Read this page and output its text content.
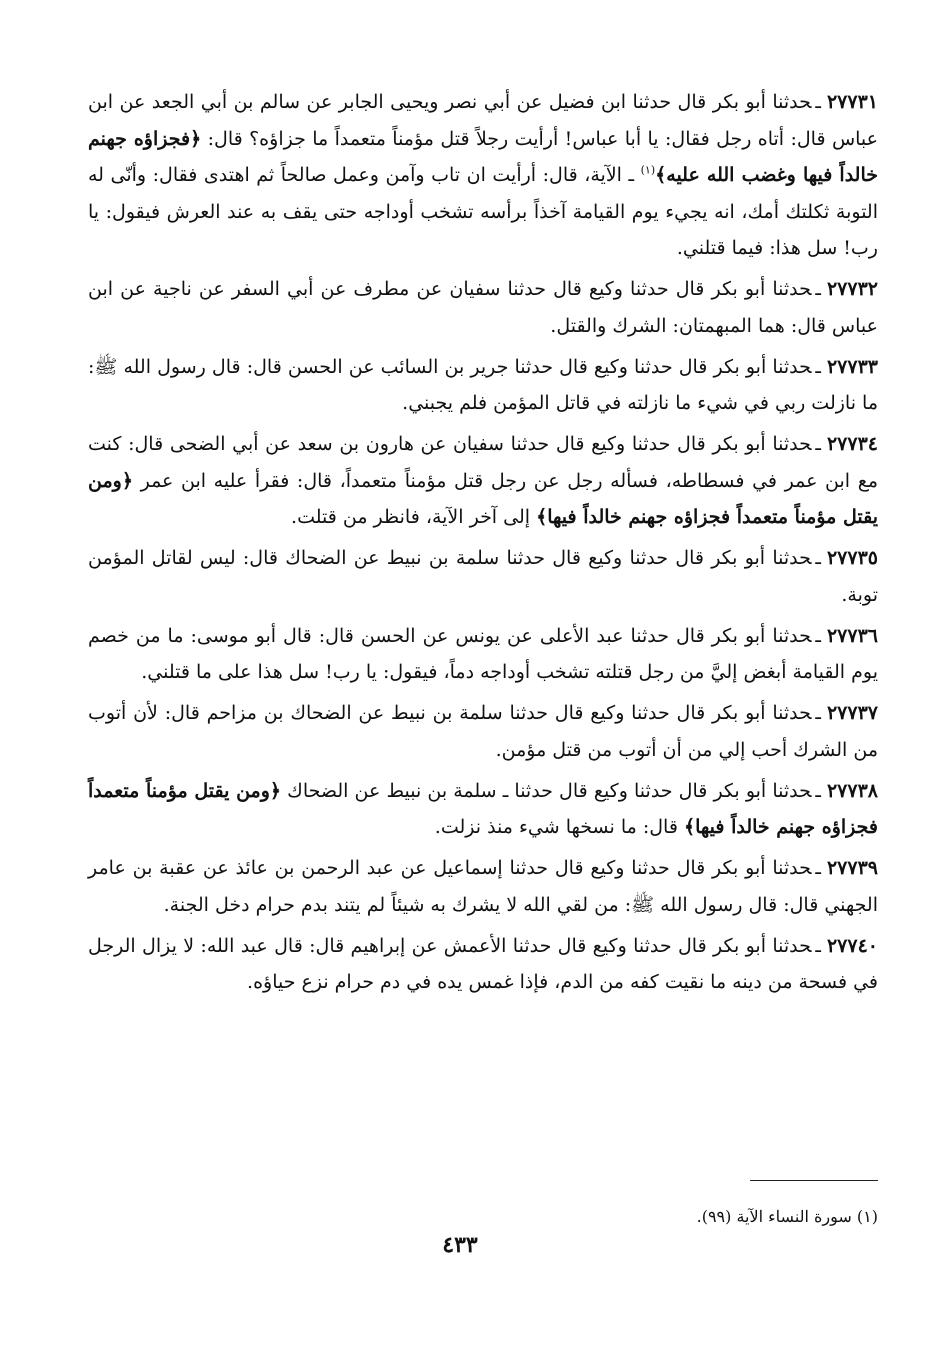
٢٧٧٣١ـحدثنا أبو بكر قال حدثنا ابن فضيل عن أبي نصر ويحيى الجابر عن سالم بن أبي الجعد عن ابن عباس قال: أتاه رجل فقال: يا أبا عباس! أرأيت رجلاً قتل مؤمناً متعمداً ما جزاؤه؟ قال: ﴿فجزاؤه جهنم خالداً فيها وغضب الله عليه﴾$^{(١)}$ ـ الآية، قال: أرأيت ان تاب وآمن وعمل صالحاً ثم اهتدى فقال: وأنّى له التوبة ثكلتك أمك، انه يجيء يوم القيامة آخذاً برأسه تشخب أوداجه حتى يقف به عند العرش فيقول: يا رب! سل هذا: فيما قتلني.

٢٧٧٣٢ـحدثنا أبو بكر قال حدثنا وكيع قال حدثنا سفيان عن مطرف عن أبي السفر عن ناجية عن ابن عباس قال: هما المبهمتان: الشرك والقتل.

٢٧٧٣٣ـحدثنا أبو بكر قال حدثنا وكيع قال حدثنا جرير بن السائب عن الحسن قال: قال رسول الله ﷺ: ما نازلت ربي في شيء ما نازلته في قاتل المؤمن فلم يجبني.

٢٧٧٣٤ـحدثنا أبو بكر قال حدثنا وكيع قال حدثنا سفيان عن هارون بن سعد عن أبي الضحى قال: كنت مع ابن عمر في فسطاطه، فسأله رجل عن رجل قتل مؤمناً متعمداً، قال: فقرأ عليه ابن عمر ﴿ومن يقتل مؤمناً متعمداً فجزاؤه جهنم خالداً فيها﴾ إلى آخر الآية، فانظر من قتلت.

٢٧٧٣٥ـحدثنا أبو بكر قال حدثنا وكيع قال حدثنا سلمة بن نبيط عن الضحاك قال: ليس لقاتل المؤمن توبة.

٢٧٧٣٦ـحدثنا أبو بكر قال حدثنا عبد الأعلى عن يونس عن الحسن قال: قال أبو موسى: ما من خصم يوم القيامة أبغض إليَّ من رجل قتلته تشخب أوداجه دماً، فيقول: يا رب! سل هذا على ما قتلني.

٢٧٧٣٧ـحدثنا أبو بكر قال حدثنا وكيع قال حدثنا سلمة بن نبيط عن الضحاك بن مزاحم قال: لأن أتوب من الشرك أحب إلي من أن أتوب من قتل مؤمن.

٢٧٧٣٨ـحدثنا أبو بكر قال حدثنا وكيع قال حدثنا ـ سلمة بن نبيط عن الضحاك ﴿ومن يقتل مؤمناً متعمداً فجزاؤه جهنم خالداً فيها﴾ قال: ما نسخها شيء منذ نزلت.

٢٧٧٣٩ـحدثنا أبو بكر قال حدثنا وكيع قال حدثنا إسماعيل عن عبد الرحمن بن عائذ عن عقبة بن عامر الجهني قال: قال رسول الله ﷺ: من لقي الله لا يشرك به شيئاً لم يتند بدم حرام دخل الجنة.

٢٧٧٤٠ـحدثنا أبو بكر قال حدثنا وكيع قال حدثنا الأعمش عن إبراهيم قال: قال عبد الله: لا يزال الرجل في فسحة من دينه ما نقيت كفه من الدم، فإذا غمس يده في دم حرام نزع حياؤه.

(١) سورة النساء الآية (٩٩).
٤٣٣
